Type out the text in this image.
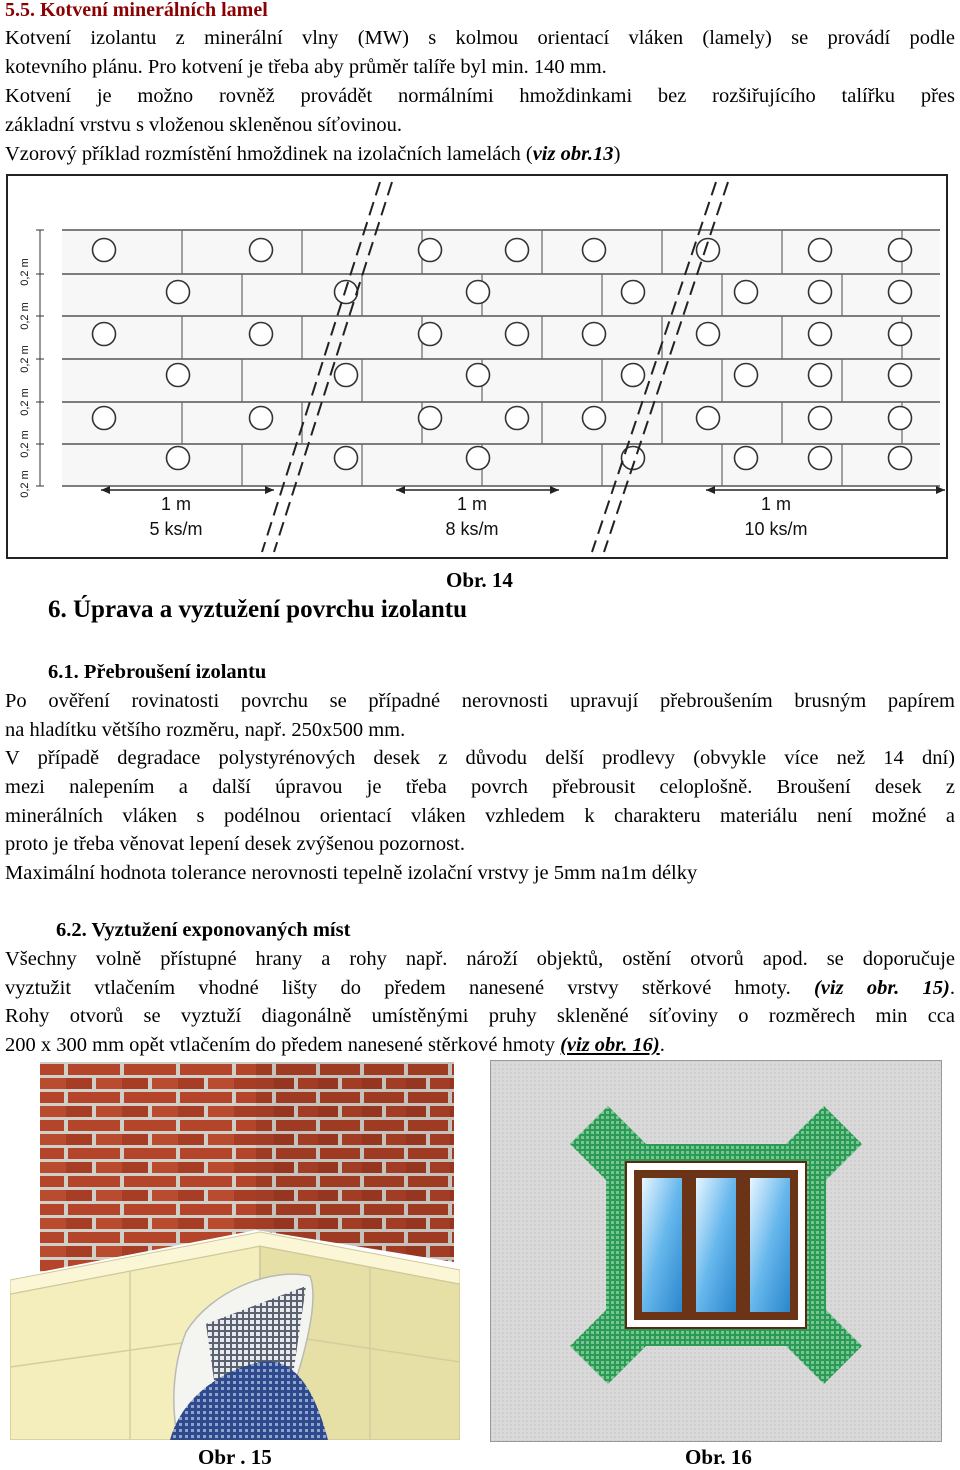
5.5. Kotvení minerálních lamel
Kotvení izolantu z minerální vlny (MW) s kolmou orientací vláken (lamely) se provádí podle
kotevního plánu. Pro kotvení je třeba aby průměr talíře byl min. 140 mm.
Kotvení je možno rovněž provádět normálními hmoždinkami bez rozšiřujícího talířku přes
základní vrstvu s vloženou skleněnou síťovinou.
Vzorový příklad rozmístění hmoždinek na izolačních lamelách (viz obr.13)
0,2 m
0,2 m
0,2 m
0,2 m
0,2 m
0,2 m
1 m
5 ks/m
1 m
8 ks/m
1 m
10 ks/m
Obr. 14
6. Úprava a vyztužení povrchu izolantu
6.1. Přebroušení izolantu
Po ověření rovinatosti povrchu se případné nerovnosti upravují přebroušením brusným papírem
na hladítku většího rozměru, např. 250x500 mm.
V případě degradace polystyrénových desek z důvodu delší prodlevy (obvykle více než 14 dní)
mezi nalepením a další úpravou je třeba povrch přebrousit celoplošně. Broušení desek z
minerálních vláken s podélnou orientací vláken vzhledem k charakteru materiálu není možné a
proto je třeba věnovat lepení desek zvýšenou pozornost.
Maximální hodnota tolerance nerovnosti tepelně izolační vrstvy je 5mm na1m délky
6.2. Vyztužení exponovaných míst
Všechny volně přístupné hrany a rohy např. nároží objektů, ostění otvorů apod. se doporučuje
vyztužit vtlačením vhodné lišty do předem nanesené vrstvy stěrkové hmoty. (viz obr. 15).
Rohy otvorů se vyztuží diagonálně umístěnými pruhy skleněné síťoviny o rozměrech min cca
200 x 300 mm opět vtlačením do předem nanesené stěrkové hmoty (viz obr. 16).
Obr . 15	Obr. 16
